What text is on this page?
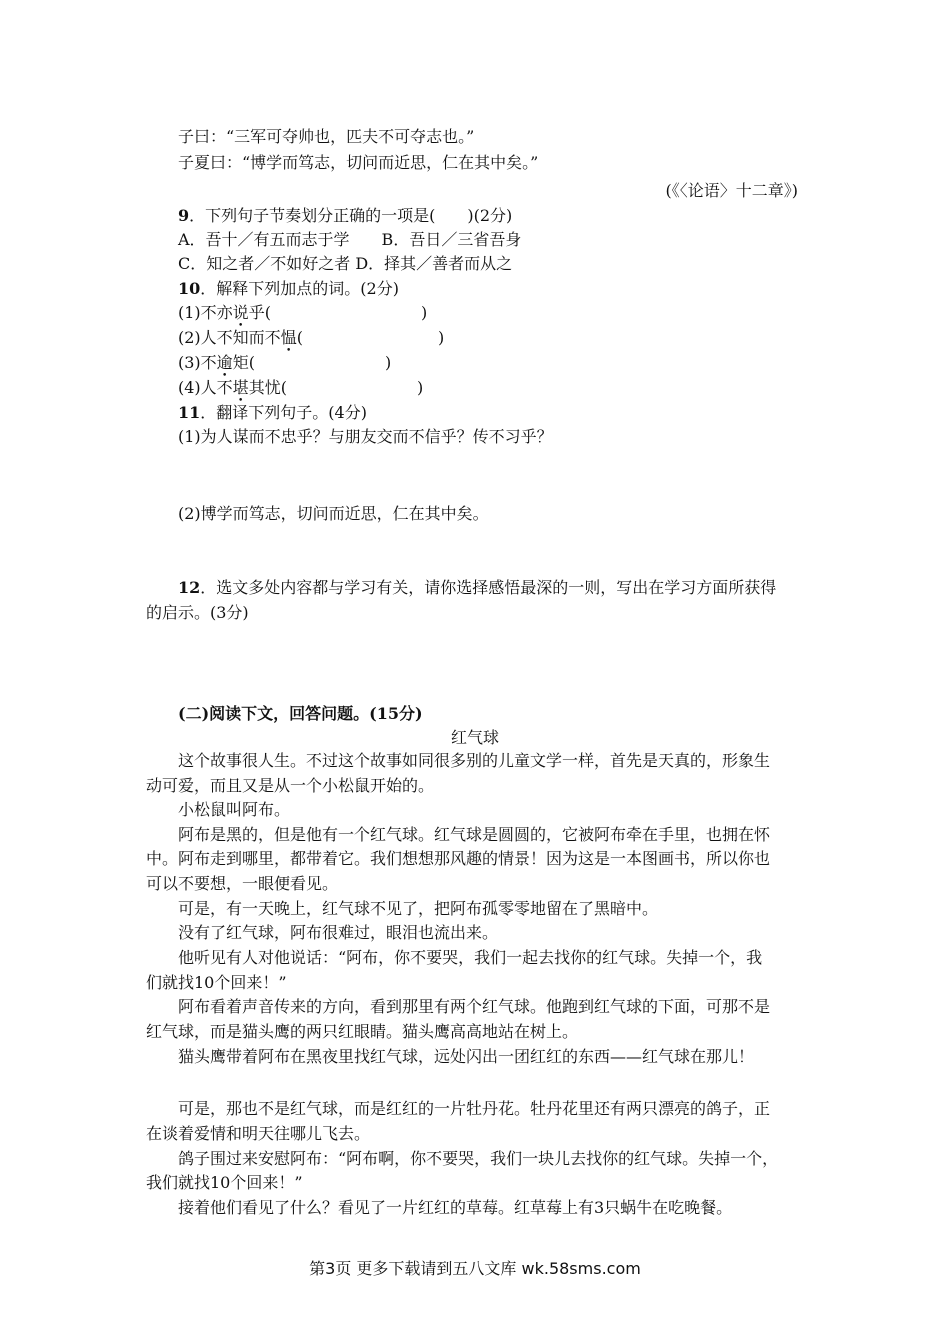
子曰：“三军可夺帅也，匹夫不可夺志也。”
子夏曰：“博学而笃志，切问而近思，仁在其中矣。”
(《〈论语〉十二章》)
9．下列句子节奏划分正确的一项是(　　)(2分)
A．吾十／有五而志于学　　B．吾日／三省吾身
C．知之者／不如好之者 D．择其／善者而从之
10．解释下列加点的词。(2分)
(1)不亦说乎(	)
(2)人不知而不愠(	)
(3)不逾矩(	)
(4)人不堪其忧(	)
11．翻译下列句子。(4分)
(1)为人谋而不忠乎？与朋友交而不信乎？传不习乎？
(2)博学而笃志，切问而近思，仁在其中矣。
12．选文多处内容都与学习有关，请你选择感悟最深的一则，写出在学习方面所获得
的启示。(3分)
(二)阅读下文，回答问题。(15分)
红气球
这个故事很人生。不过这个故事如同很多别的儿童文学一样，首先是天真的，形象生
动可爱，而且又是从一个小松鼠开始的。
小松鼠叫阿布。
阿布是黑的，但是他有一个红气球。红气球是圆圆的，它被阿布牵在手里，也拥在怀
中。阿布走到哪里，都带着它。我们想想那风趣的情景！因为这是一本图画书，所以你也
可以不要想，一眼便看见。
可是，有一天晚上，红气球不见了，把阿布孤零零地留在了黑暗中。
没有了红气球，阿布很难过，眼泪也流出来。
他听见有人对他说话：“阿布，你不要哭，我们一起去找你的红气球。失掉一个，我
们就找10个回来！”
阿布看着声音传来的方向，看到那里有两个红气球。他跑到红气球的下面，可那不是
红气球，而是猫头鹰的两只红眼睛。猫头鹰高高地站在树上。
猫头鹰带着阿布在黑夜里找红气球，远处闪出一团红红的东西——红气球在那儿！
可是，那也不是红气球，而是红红的一片牡丹花。牡丹花里还有两只漂亮的鸽子，正
在谈着爱情和明天往哪儿飞去。
鸽子围过来安慰阿布：“阿布啊，你不要哭，我们一块儿去找你的红气球。失掉一个，
我们就找10个回来！”
接着他们看见了什么？看见了一片红红的草莓。红草莓上有3只蜗牛在吃晚餐。
第3页 更多下载请到五八文库 wk.58sms.com
